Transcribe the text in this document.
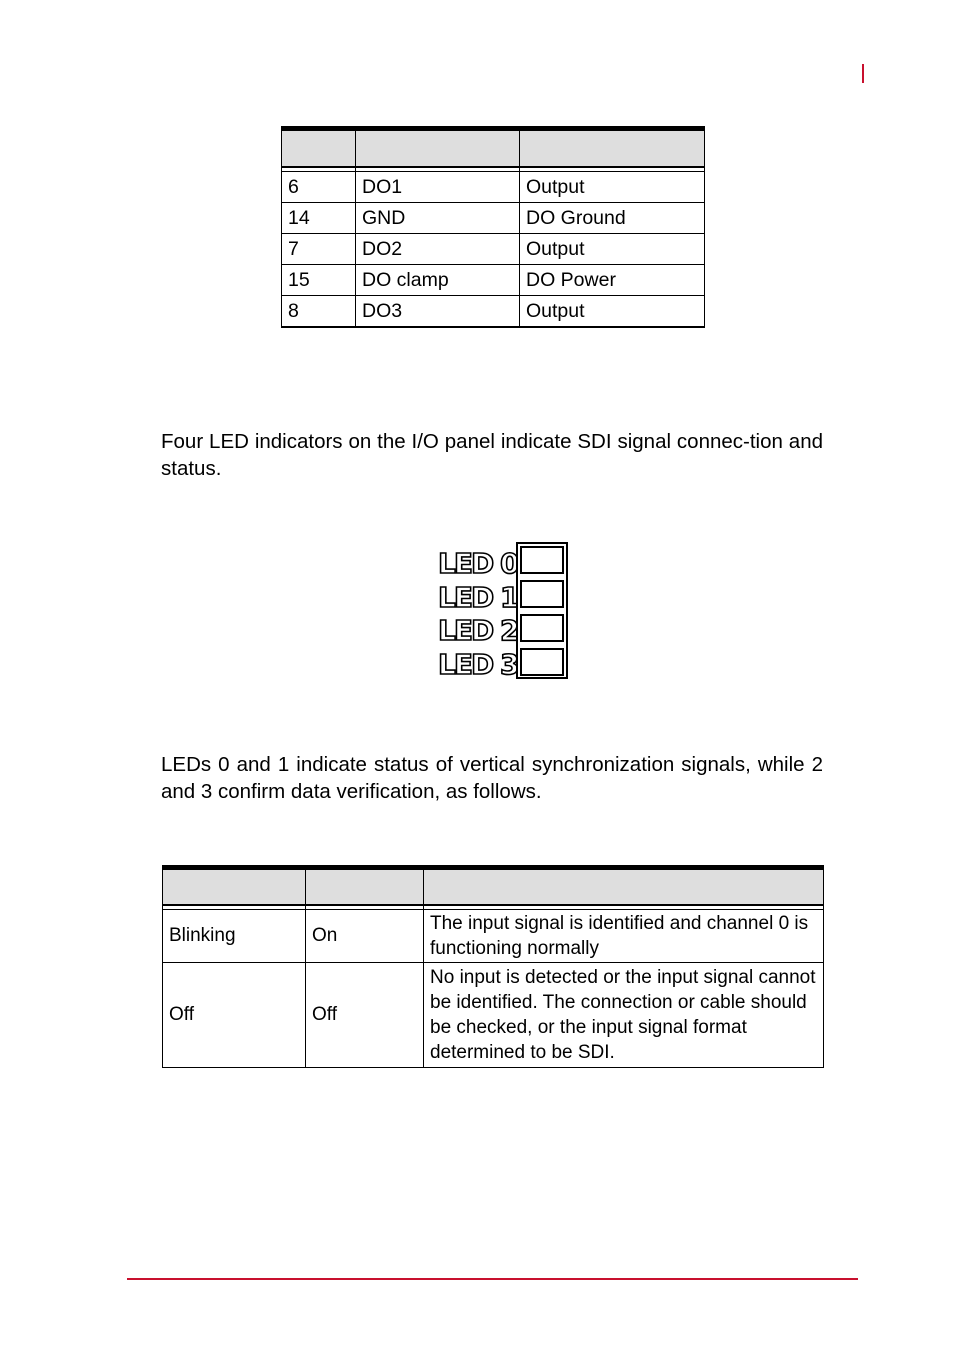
6	DO1	Output
14	GND	DO Ground
7	DO2	Output
15	DO clamp	DO Power
8	DO3	Output

Four LED indicators on the I/O panel indicate SDI signal connec-tion and status.

LED 0
LED 1
LED 2
LED 3

LEDs 0 and 1 indicate status of vertical synchronization signals, while 2 and 3 confirm data verification, as follows.

Blinking	On	The input signal is identified and channel 0 is functioning normally
Off	Off	No input is detected or the input signal cannot be identified. The connection or cable should be checked, or the input signal format determined to be SDI.
